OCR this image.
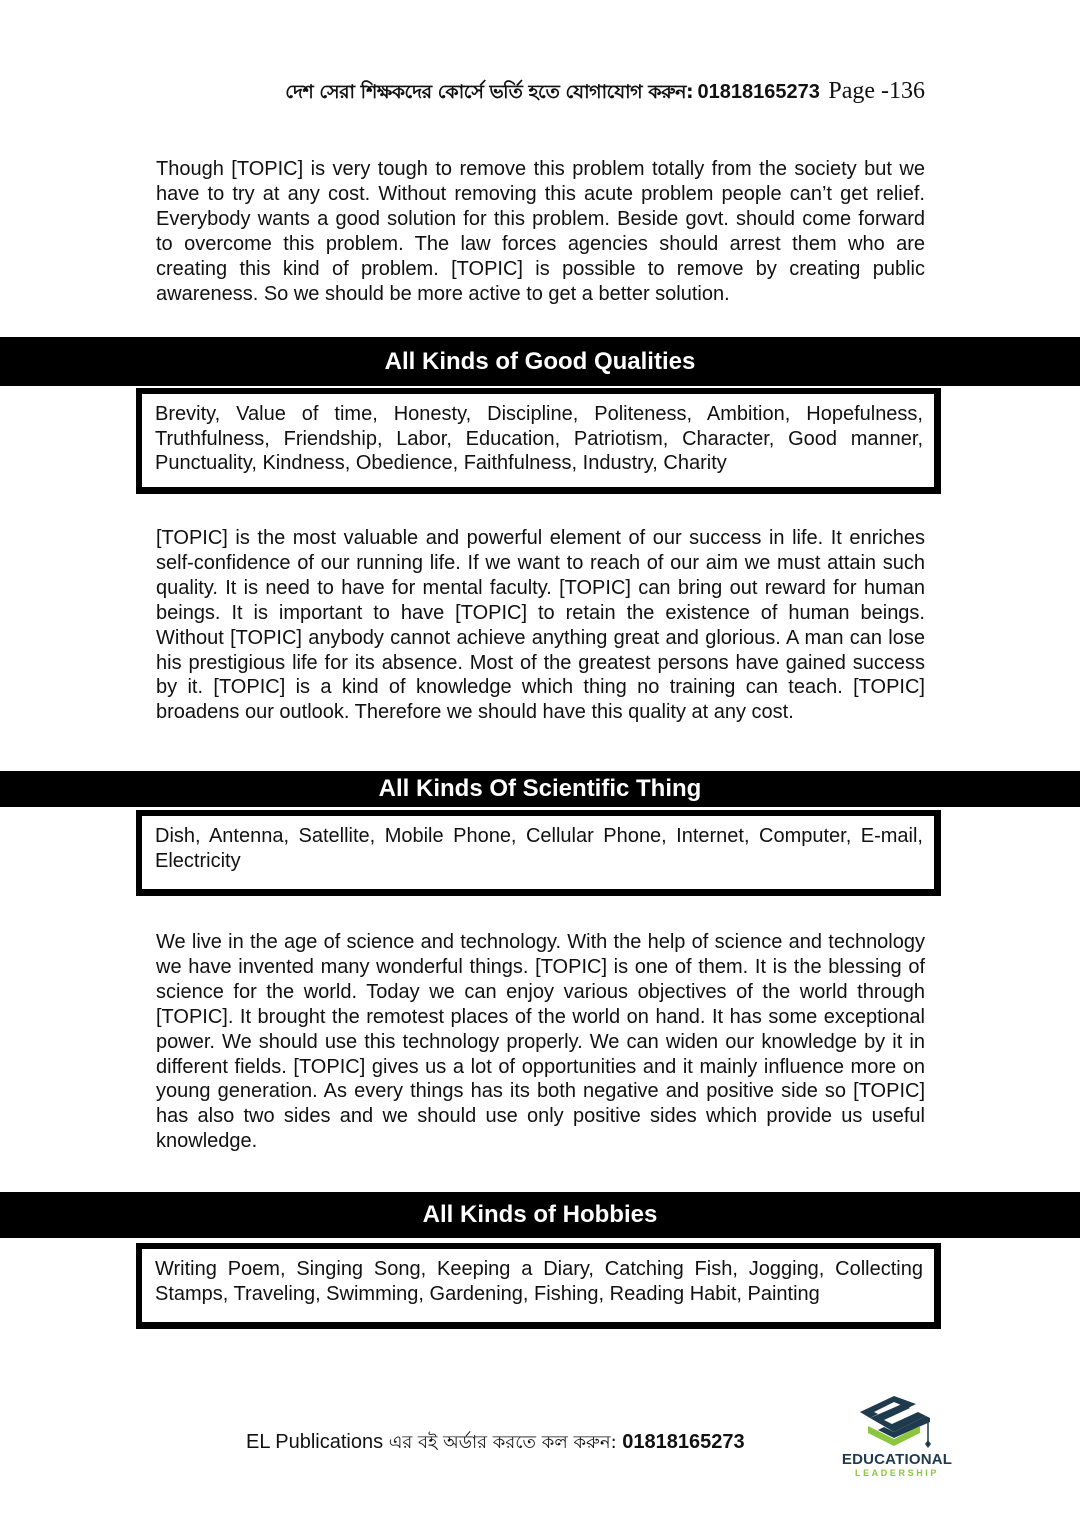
দেশ সেরা শিক্ষকদের কোর্সে ভর্তি হতে যোগাযোগ করুন: 01818165273 Page -136

Though [TOPIC] is very tough to remove this problem totally from the society but we have to try at any cost. Without removing this acute problem people can’t get relief. Everybody wants a good solution for this problem. Beside govt. should come forward to overcome this problem. The law forces agencies should arrest them who are creating this kind of problem. [TOPIC] is possible to remove by creating public awareness. So we should be more active to get a better solution.

All Kinds of Good Qualities

Brevity, Value of time, Honesty, Discipline, Politeness, Ambition, Hopefulness, Truthfulness, Friendship, Labor, Education, Patriotism, Character, Good manner, Punctuality, Kindness, Obedience, Faithfulness, Industry, Charity

[TOPIC] is the most valuable and powerful element of our success in life. It enriches self-confidence of our running life. If we want to reach of our aim we must attain such quality. It is need to have for mental faculty. [TOPIC] can bring out reward for human beings. It is important to have [TOPIC] to retain the existence of human beings. Without [TOPIC] anybody cannot achieve anything great and glorious. A man can lose his prestigious life for its absence. Most of the greatest persons have gained success by it. [TOPIC] is a kind of knowledge which thing no training can teach. [TOPIC] broadens our outlook. Therefore we should have this quality at any cost.

All Kinds Of Scientific Thing

Dish, Antenna, Satellite, Mobile Phone, Cellular Phone, Internet, Computer, E-mail, Electricity

We live in the age of science and technology. With the help of science and technology we have invented many wonderful things. [TOPIC] is one of them. It is the blessing of science for the world. Today we can enjoy various objectives of the world through [TOPIC]. It brought the remotest places of the world on hand. It has some exceptional power. We should use this technology properly. We can widen our knowledge by it in different fields. [TOPIC] gives us a lot of opportunities and it mainly influence more on young generation. As every things has its both negative and positive side so [TOPIC] has also two sides and we should use only positive sides which provide us useful knowledge.

All Kinds of Hobbies

Writing Poem, Singing Song, Keeping a Diary, Catching Fish, Jogging, Collecting Stamps, Traveling, Swimming, Gardening, Fishing, Reading Habit, Painting

EL Publications এর বই অর্ডার করতে কল করুন: 01818165273
EDUCATIONAL
LEADERSHIP
